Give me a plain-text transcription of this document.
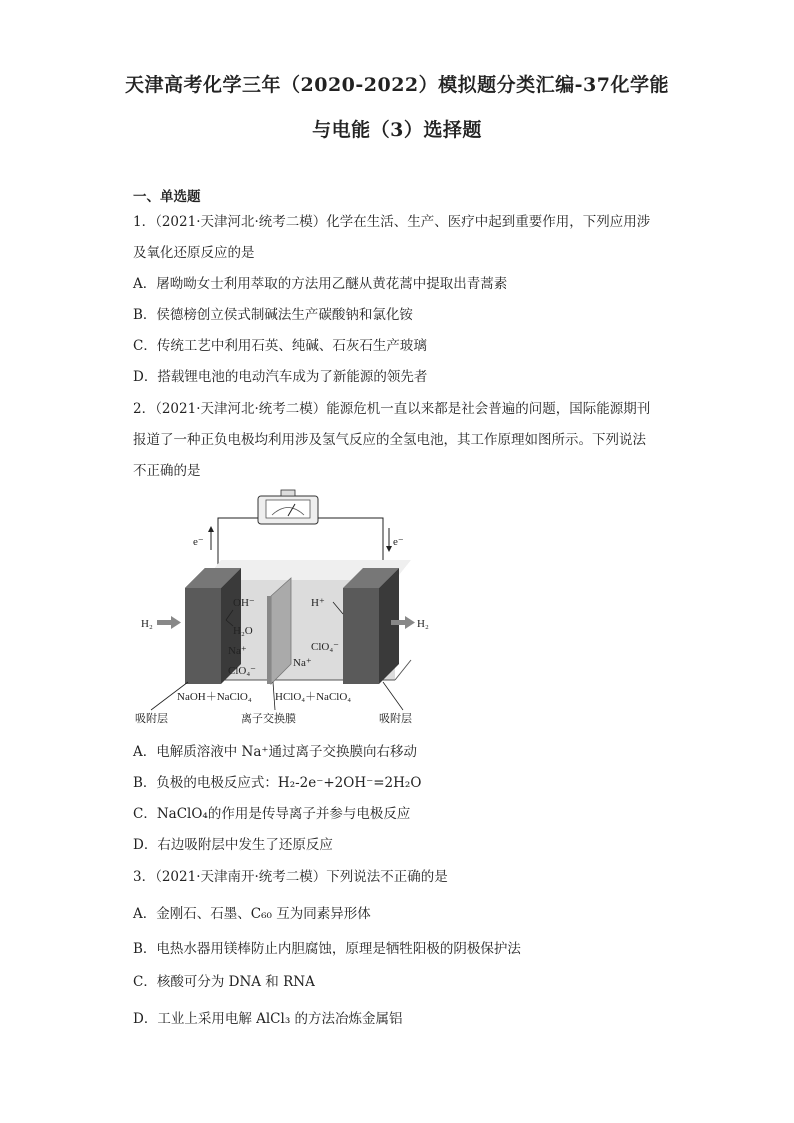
天津高考化学三年（2020-2022）模拟题分类汇编-37化学能
与电能（3）选择题
一、单选题
1．（2021·天津河北·统考二模）化学在生活、生产、医疗中起到重要作用，下列应用涉
及氧化还原反应的是
A．屠呦呦女士利用萃取的方法用乙醚从黄花蒿中提取出青蒿素
B．侯德榜创立侯式制碱法生产碳酸钠和氯化铵
C．传统工艺中利用石英、纯碱、石灰石生产玻璃
D．搭载锂电池的电动汽车成为了新能源的领先者
2．（2021·天津河北·统考二模）能源危机一直以来都是社会普遍的问题，国际能源期刊
报道了一种正负电极均利用涉及氢气反应的全氢电池，其工作原理如图所示。下列说法
不正确的是
e⁻	e⁻
H₂	H₂
OH⁻
H₂O
Na⁺
ClO₄⁻
H⁺
ClO₄⁻
Na⁺
NaOH＋NaClO₄ HClO₄＋NaClO₄
吸附层	离子交换膜	吸附层
A．电解质溶液中 Na⁺通过离子交换膜向右移动
B．负极的电极反应式：H₂-2e⁻+2OH⁻=2H₂O
C．NaClO₄的作用是传导离子并参与电极反应
D．右边吸附层中发生了还原反应
3．（2021·天津南开·统考二模）下列说法不正确的是
A．金刚石、石墨、C₆₀ 互为同素异形体
B．电热水器用镁棒防止内胆腐蚀，原理是牺牲阳极的阴极保护法
C．核酸可分为 DNA 和 RNA
D．工业上采用电解 AlCl₃ 的方法冶炼金属铝
